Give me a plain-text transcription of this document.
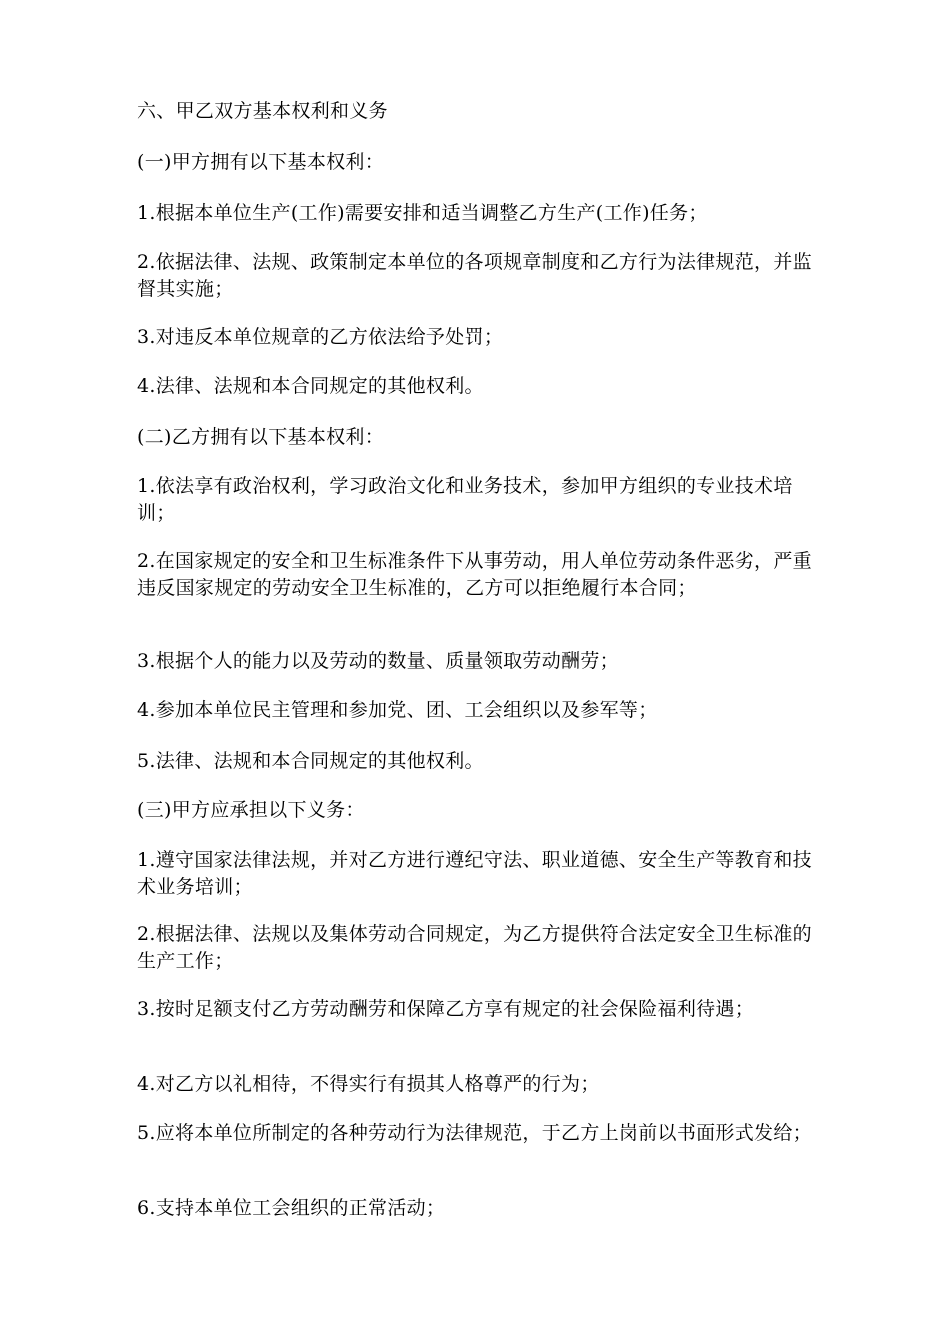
六、甲乙双方基本权利和义务

(一)甲方拥有以下基本权利：

1.根据本单位生产(工作)需要安排和适当调整乙方生产(工作)任务；

2.依据法律、法规、政策制定本单位的各项规章制度和乙方行为法律规范，并监督其实施；

3.对违反本单位规章的乙方依法给予处罚；

4.法律、法规和本合同规定的其他权利。

(二)乙方拥有以下基本权利：

1.依法享有政治权利，学习政治文化和业务技术，参加甲方组织的专业技术培训；

2.在国家规定的安全和卫生标准条件下从事劳动，用人单位劳动条件恶劣，严重违反国家规定的劳动安全卫生标准的，乙方可以拒绝履行本合同；

3.根据个人的能力以及劳动的数量、质量领取劳动酬劳；

4.参加本单位民主管理和参加党、团、工会组织以及参军等；

5.法律、法规和本合同规定的其他权利。

(三)甲方应承担以下义务：

1.遵守国家法律法规，并对乙方进行遵纪守法、职业道德、安全生产等教育和技术业务培训；

2.根据法律、法规以及集体劳动合同规定，为乙方提供符合法定安全卫生标准的生产工作；

3.按时足额支付乙方劳动酬劳和保障乙方享有规定的社会保险福利待遇；

4.对乙方以礼相待，不得实行有损其人格尊严的行为；

5.应将本单位所制定的各种劳动行为法律规范，于乙方上岗前以书面形式发给；

6.支持本单位工会组织的正常活动；
